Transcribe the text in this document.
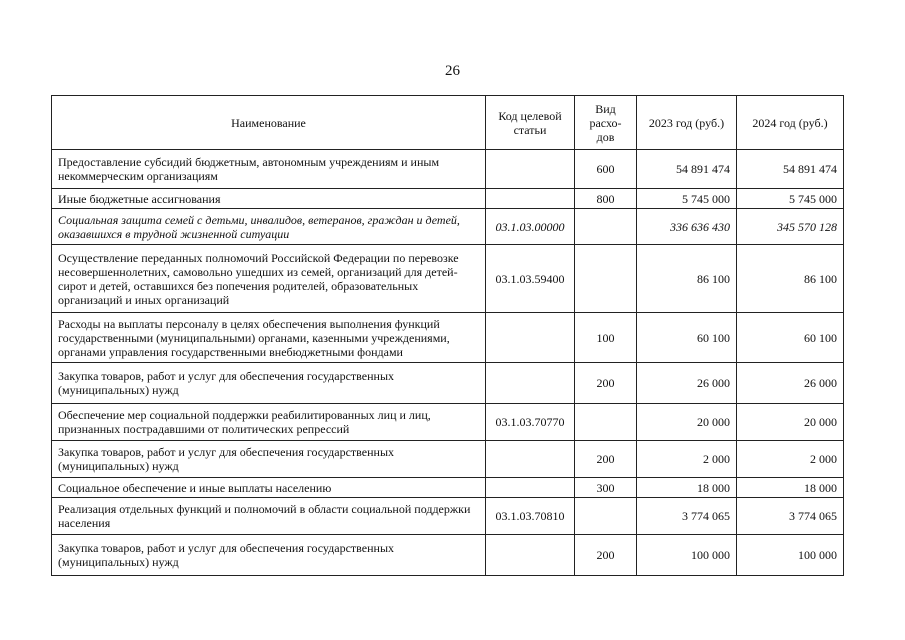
26
Наименование	Код целевой статьи	Вид расхо-дов	2023 год (руб.)	2024 год (руб.)
Предоставление субсидий бюджетным, автономным учреждениям и иным некоммерческим организациям		600	54 891 474	54 891 474
Иные бюджетные ассигнования		800	5 745 000	5 745 000
Социальная защита семей с детьми, инвалидов, ветеранов, граждан и детей, оказавшихся в трудной жизненной ситуации	03.1.03.00000		336 636 430	345 570 128
Осуществление переданных полномочий Российской Федерации по перевозке несовершеннолетних, самовольно ушедших из семей, организаций для детей-сирот и детей, оставшихся без попечения родителей, образовательных организаций и иных организаций	03.1.03.59400		86 100	86 100
Расходы на выплаты персоналу в целях обеспечения выполнения функций государственными (муниципальными) органами, казенными учреждениями, органами управления государственными внебюджетными фондами		100	60 100	60 100
Закупка товаров, работ и услуг для обеспечения государственных (муниципальных) нужд		200	26 000	26 000
Обеспечение мер социальной поддержки реабилитированных лиц и лиц, признанных пострадавшими от политических репрессий	03.1.03.70770		20 000	20 000
Закупка товаров, работ и услуг для обеспечения государственных (муниципальных) нужд		200	2 000	2 000
Социальное обеспечение и иные выплаты населению		300	18 000	18 000
Реализация отдельных функций и полномочий в области социальной поддержки населения	03.1.03.70810		3 774 065	3 774 065
Закупка товаров, работ и услуг для обеспечения государственных (муниципальных) нужд		200	100 000	100 000
